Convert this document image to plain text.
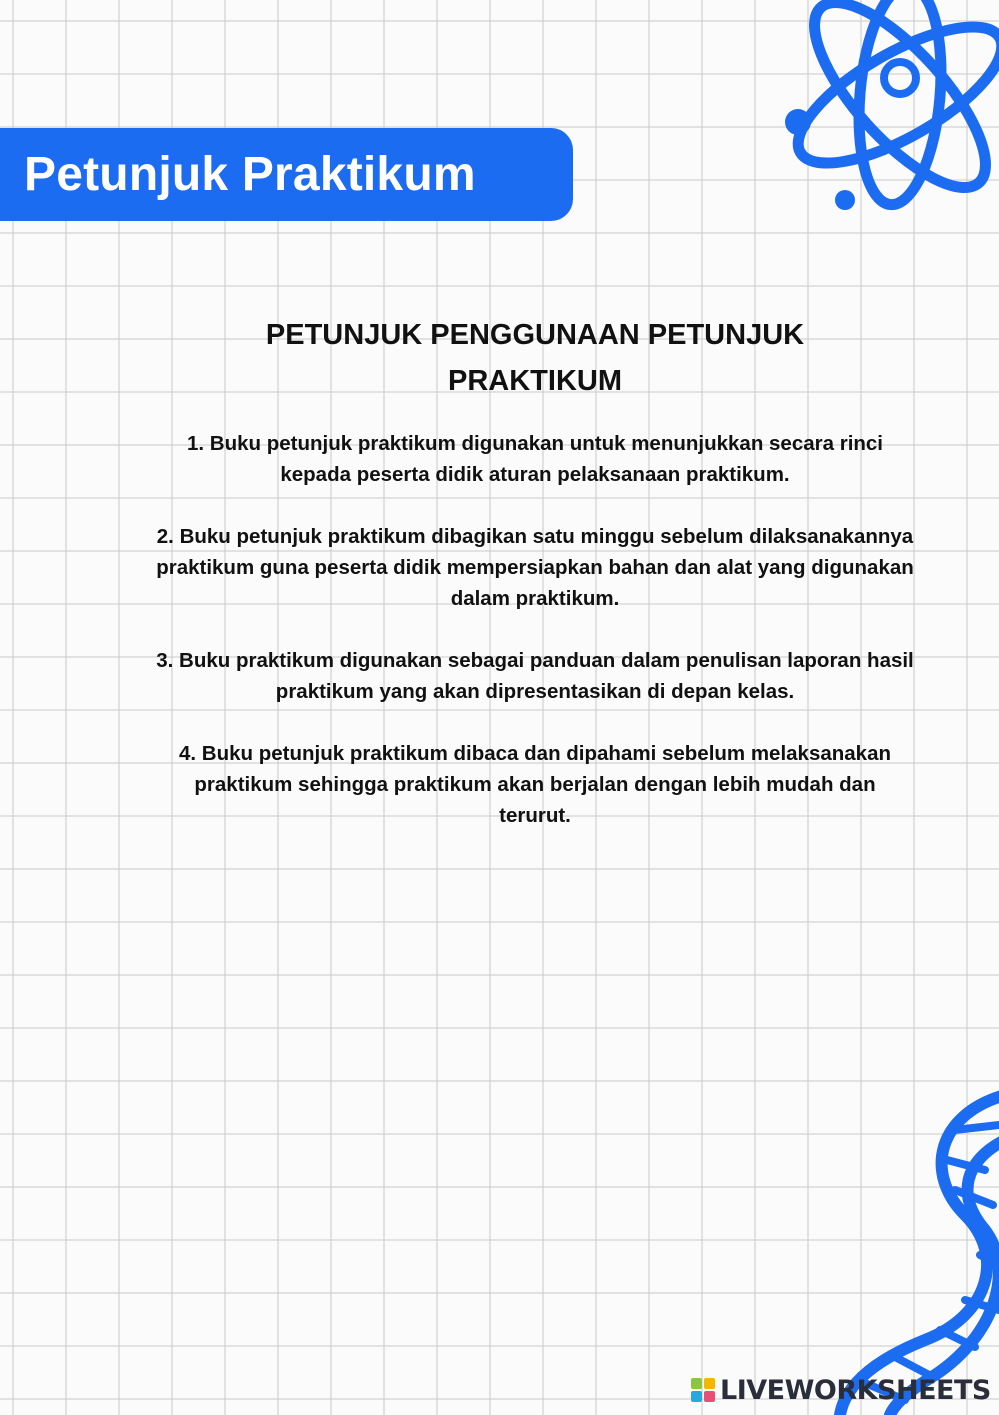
Petunjuk Praktikum
PETUNJUK PENGGUNAAN PETUNJUK
PRAKTIKUM

1. Buku petunjuk praktikum digunakan untuk menunjukkan secara rinci kepada peserta didik aturan pelaksanaan praktikum.

2. Buku petunjuk praktikum dibagikan satu minggu sebelum dilaksanakannya praktikum guna peserta didik mempersiapkan bahan dan alat yang digunakan dalam praktikum.

3. Buku praktikum digunakan sebagai panduan dalam penulisan laporan hasil praktikum yang akan dipresentasikan di depan kelas.

4. Buku petunjuk praktikum dibaca dan dipahami sebelum melaksanakan praktikum sehingga praktikum akan berjalan dengan lebih mudah dan terurut.

LIVEWORKSHEETS
